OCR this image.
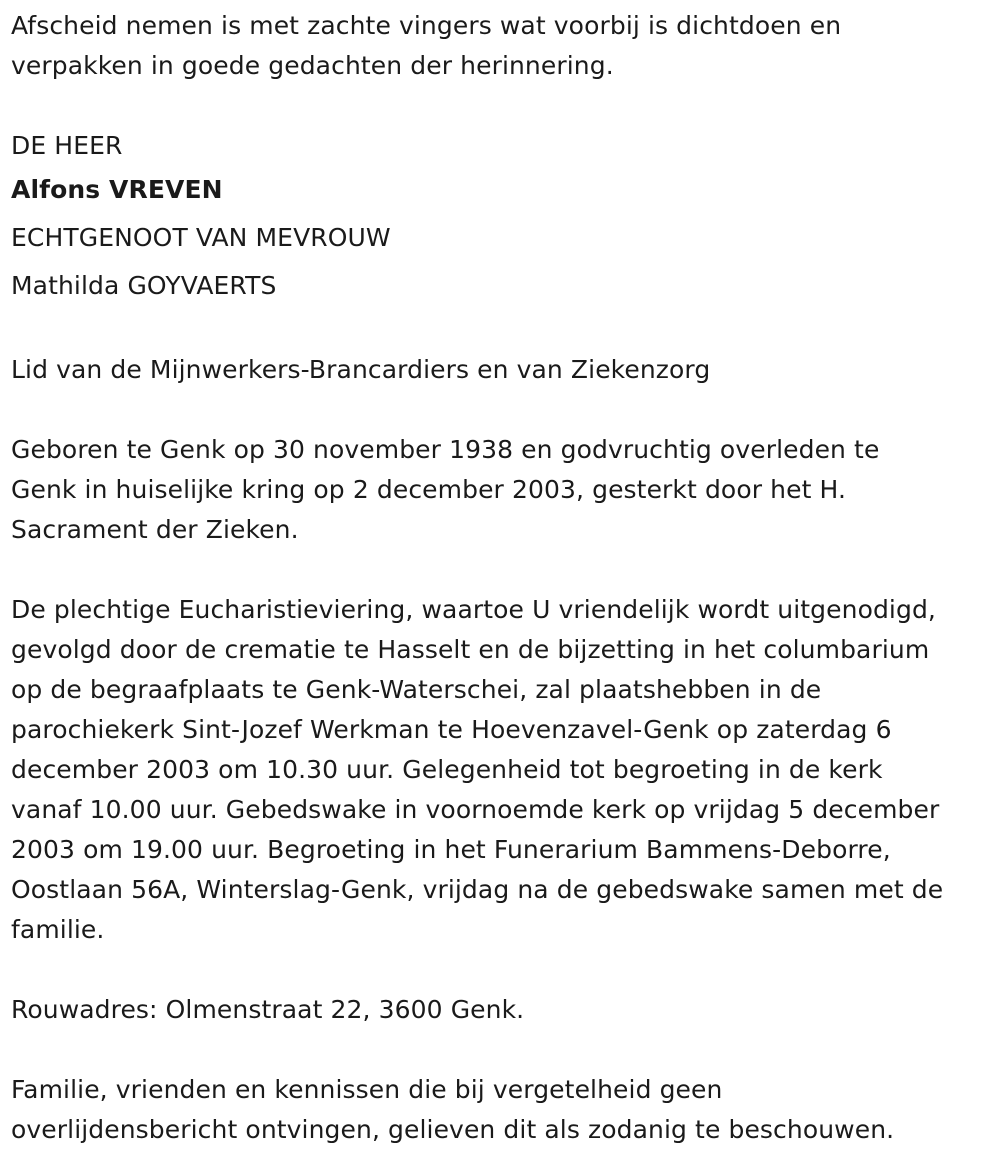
Afscheid nemen is met zachte vingers wat voorbij is dichtdoen en

verpakken in goede gedachten der herinnering.

DE HEER

Alfons VREVEN

ECHTGENOOT VAN MEVROUW

Mathilda GOYVAERTS

Lid van de Mijnwerkers-Brancardiers en van Ziekenzorg

Geboren te Genk op 30 november 1938 en godvruchtig overleden te

Genk in huiselijke kring op 2 december 2003, gesterkt door het H.

Sacrament der Zieken.

De plechtige Eucharistieviering, waartoe U vriendelijk wordt uitgenodigd,

gevolgd door de crematie te Hasselt en de bijzetting in het columbarium

op de begraafplaats te Genk-Waterschei, zal plaatshebben in de

parochiekerk Sint-Jozef Werkman te Hoevenzavel-Genk op zaterdag 6

december 2003 om 10.30 uur. Gelegenheid tot begroeting in de kerk

vanaf 10.00 uur. Gebedswake in voornoemde kerk op vrijdag 5 december

2003 om 19.00 uur. Begroeting in het Funerarium Bammens-Deborre,

Oostlaan 56A, Winterslag-Genk, vrijdag na de gebedswake samen met de

familie.

Rouwadres: Olmenstraat 22, 3600 Genk.

Familie, vrienden en kennissen die bij vergetelheid geen

overlijdensbericht ontvingen, gelieven dit als zodanig te beschouwen.
